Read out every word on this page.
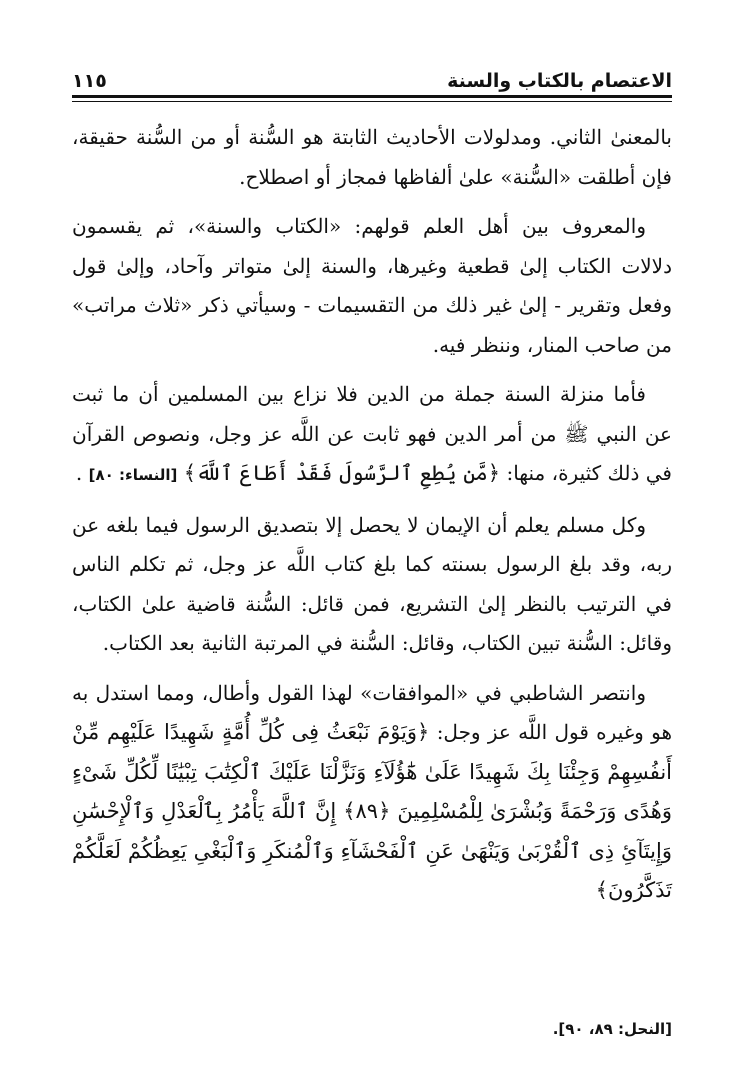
الاعتصام بالكتاب والسنة
١١٥

بالمعنىٰ الثاني. ومدلولات الأحاديث الثابتة هو السُّنة أو من السُّنة حقيقة، فإن أطلقت «السُّنة» علىٰ ألفاظها فمجاز أو اصطلاح.

والمعروف بين أهل العلم قولهم: «الكتاب والسنة»، ثم يقسمون دلالات الكتاب إلىٰ قطعية وغيرها، والسنة إلىٰ متواتر وآحاد، وإلىٰ قول وفعل وتقرير - إلىٰ غير ذلك من التقسيمات - وسيأتي ذكر «ثلاث مراتب» من صاحب المنار، وننظر فيه.

فأما منزلة السنة جملة من الدين فلا نزاع بين المسلمين أن ما ثبت عن النبي ﷺ من أمر الدين فهو ثابت عن اللَّه عز وجل، ونصوص القرآن في ذلك كثيرة، منها: ﴿مَّن يُطِعِ ٱلرَّسُولَ فَقَدْ أَطَاعَ ٱللَّهَ﴾ [النساء: ٨٠] .

وكل مسلم يعلم أن الإيمان لا يحصل إلا بتصديق الرسول فيما بلغه عن ربه، وقد بلغ الرسول بسنته كما بلغ كتاب اللَّه عز وجل، ثم تكلم الناس في الترتيب بالنظر إلىٰ التشريع، فمن قائل: السُّنة قاضية علىٰ الكتاب، وقائل: السُّنة تبين الكتاب، وقائل: السُّنة في المرتبة الثانية بعد الكتاب.

وانتصر الشاطبي في «الموافقات» لهذا القول وأطال، ومما استدل به هو وغيره قول اللَّه عز وجل: ﴿وَيَوْمَ نَبْعَثُ فِى كُلِّ أُمَّةٍ شَهِيدًا عَلَيْهِم مِّنْ أَنفُسِهِمْ وَجِئْنَا بِكَ شَهِيدًا عَلَىٰ هَٰٓؤُلَآءِ وَنَزَّلْنَا عَلَيْكَ ٱلْكِتَٰبَ تِبْيَٰنًا لِّكُلِّ شَىْءٍ وَهُدًى وَرَحْمَةً وَبُشْرَىٰ لِلْمُسْلِمِينَ ﴿٨٩﴾ إِنَّ ٱللَّهَ يَأْمُرُ بِٱلْعَدْلِ وَٱلْإِحْسَٰنِ وَإِيتَآئِ ذِى ٱلْقُرْبَىٰ وَيَنْهَىٰ عَنِ ٱلْفَحْشَآءِ وَٱلْمُنكَرِ وَٱلْبَغْىِ يَعِظُكُمْ لَعَلَّكُمْ تَذَكَّرُونَ﴾

[النحل: ٨٩، ٩٠].
